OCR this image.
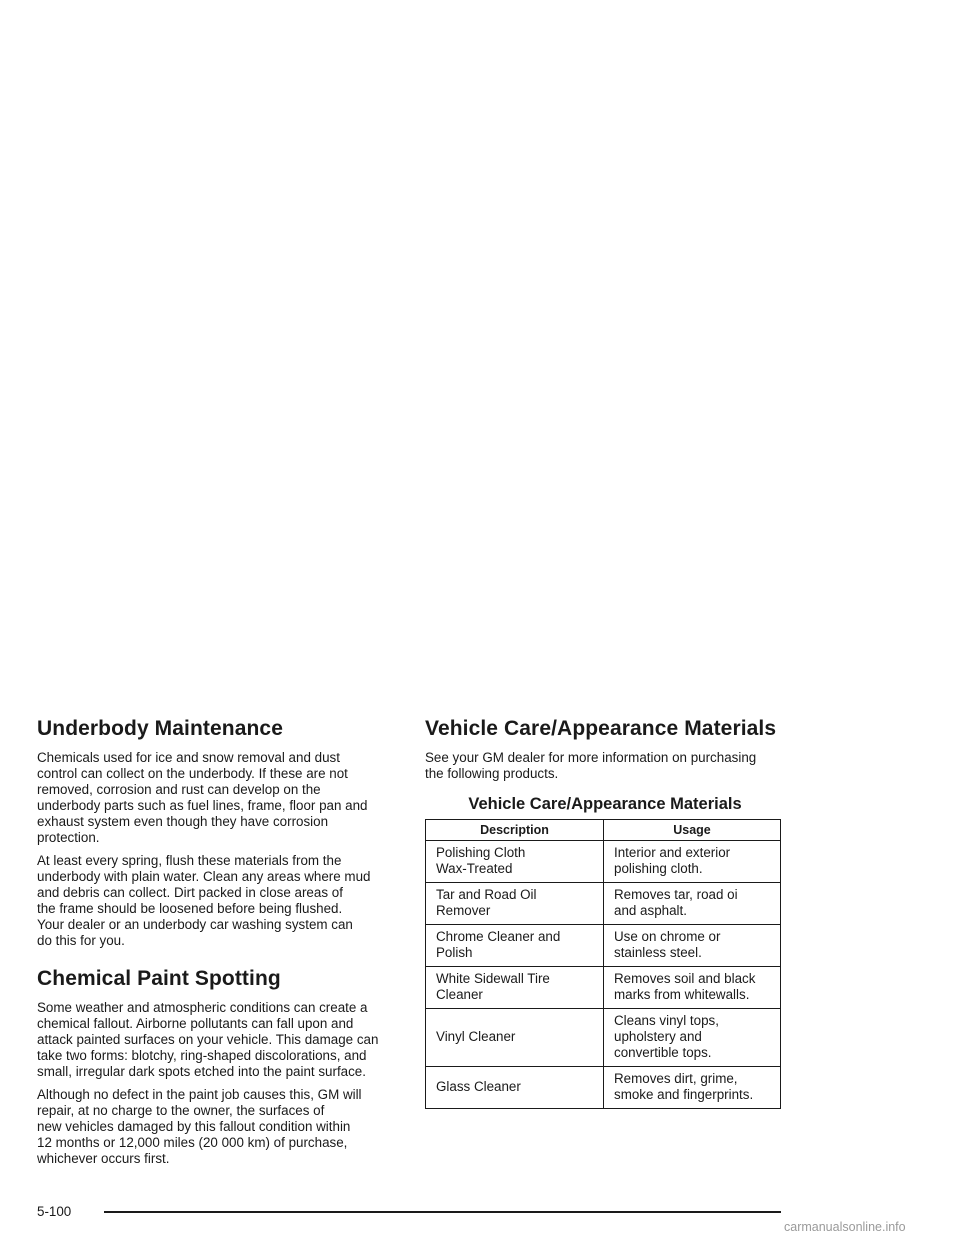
Underbody Maintenance

Chemicals used for ice and snow removal and dust
control can collect on the underbody. If these are not
removed, corrosion and rust can develop on the
underbody parts such as fuel lines, frame, floor pan and
exhaust system even though they have corrosion
protection.

At least every spring, flush these materials from the
underbody with plain water. Clean any areas where mud
and debris can collect. Dirt packed in close areas of
the frame should be loosened before being flushed.
Your dealer or an underbody car washing system can
do this for you.

Chemical Paint Spotting

Some weather and atmospheric conditions can create a
chemical fallout. Airborne pollutants can fall upon and
attack painted surfaces on your vehicle. This damage can
take two forms: blotchy, ring-shaped discolorations, and
small, irregular dark spots etched into the paint surface.

Although no defect in the paint job causes this, GM will
repair, at no charge to the owner, the surfaces of
new vehicles damaged by this fallout condition within
12 months or 12,000 miles (20 000 km) of purchase,
whichever occurs first.

Vehicle Care/Appearance Materials

See your GM dealer for more information on purchasing
the following products.

Vehicle Care/Appearance Materials
Description	Usage
Polishing Cloth
Wax-Treated	Interior and exterior
polishing cloth.
Tar and Road Oil
Remover	Removes tar, road oi
and asphalt.
Chrome Cleaner and
Polish	Use on chrome or
stainless steel.
White Sidewall Tire
Cleaner	Removes soil and black
marks from whitewalls.
Vinyl Cleaner	Cleans vinyl tops,
upholstery and
convertible tops.
Glass Cleaner	Removes dirt, grime,
smoke and fingerprints.
5-100
carmanualsonline.info
